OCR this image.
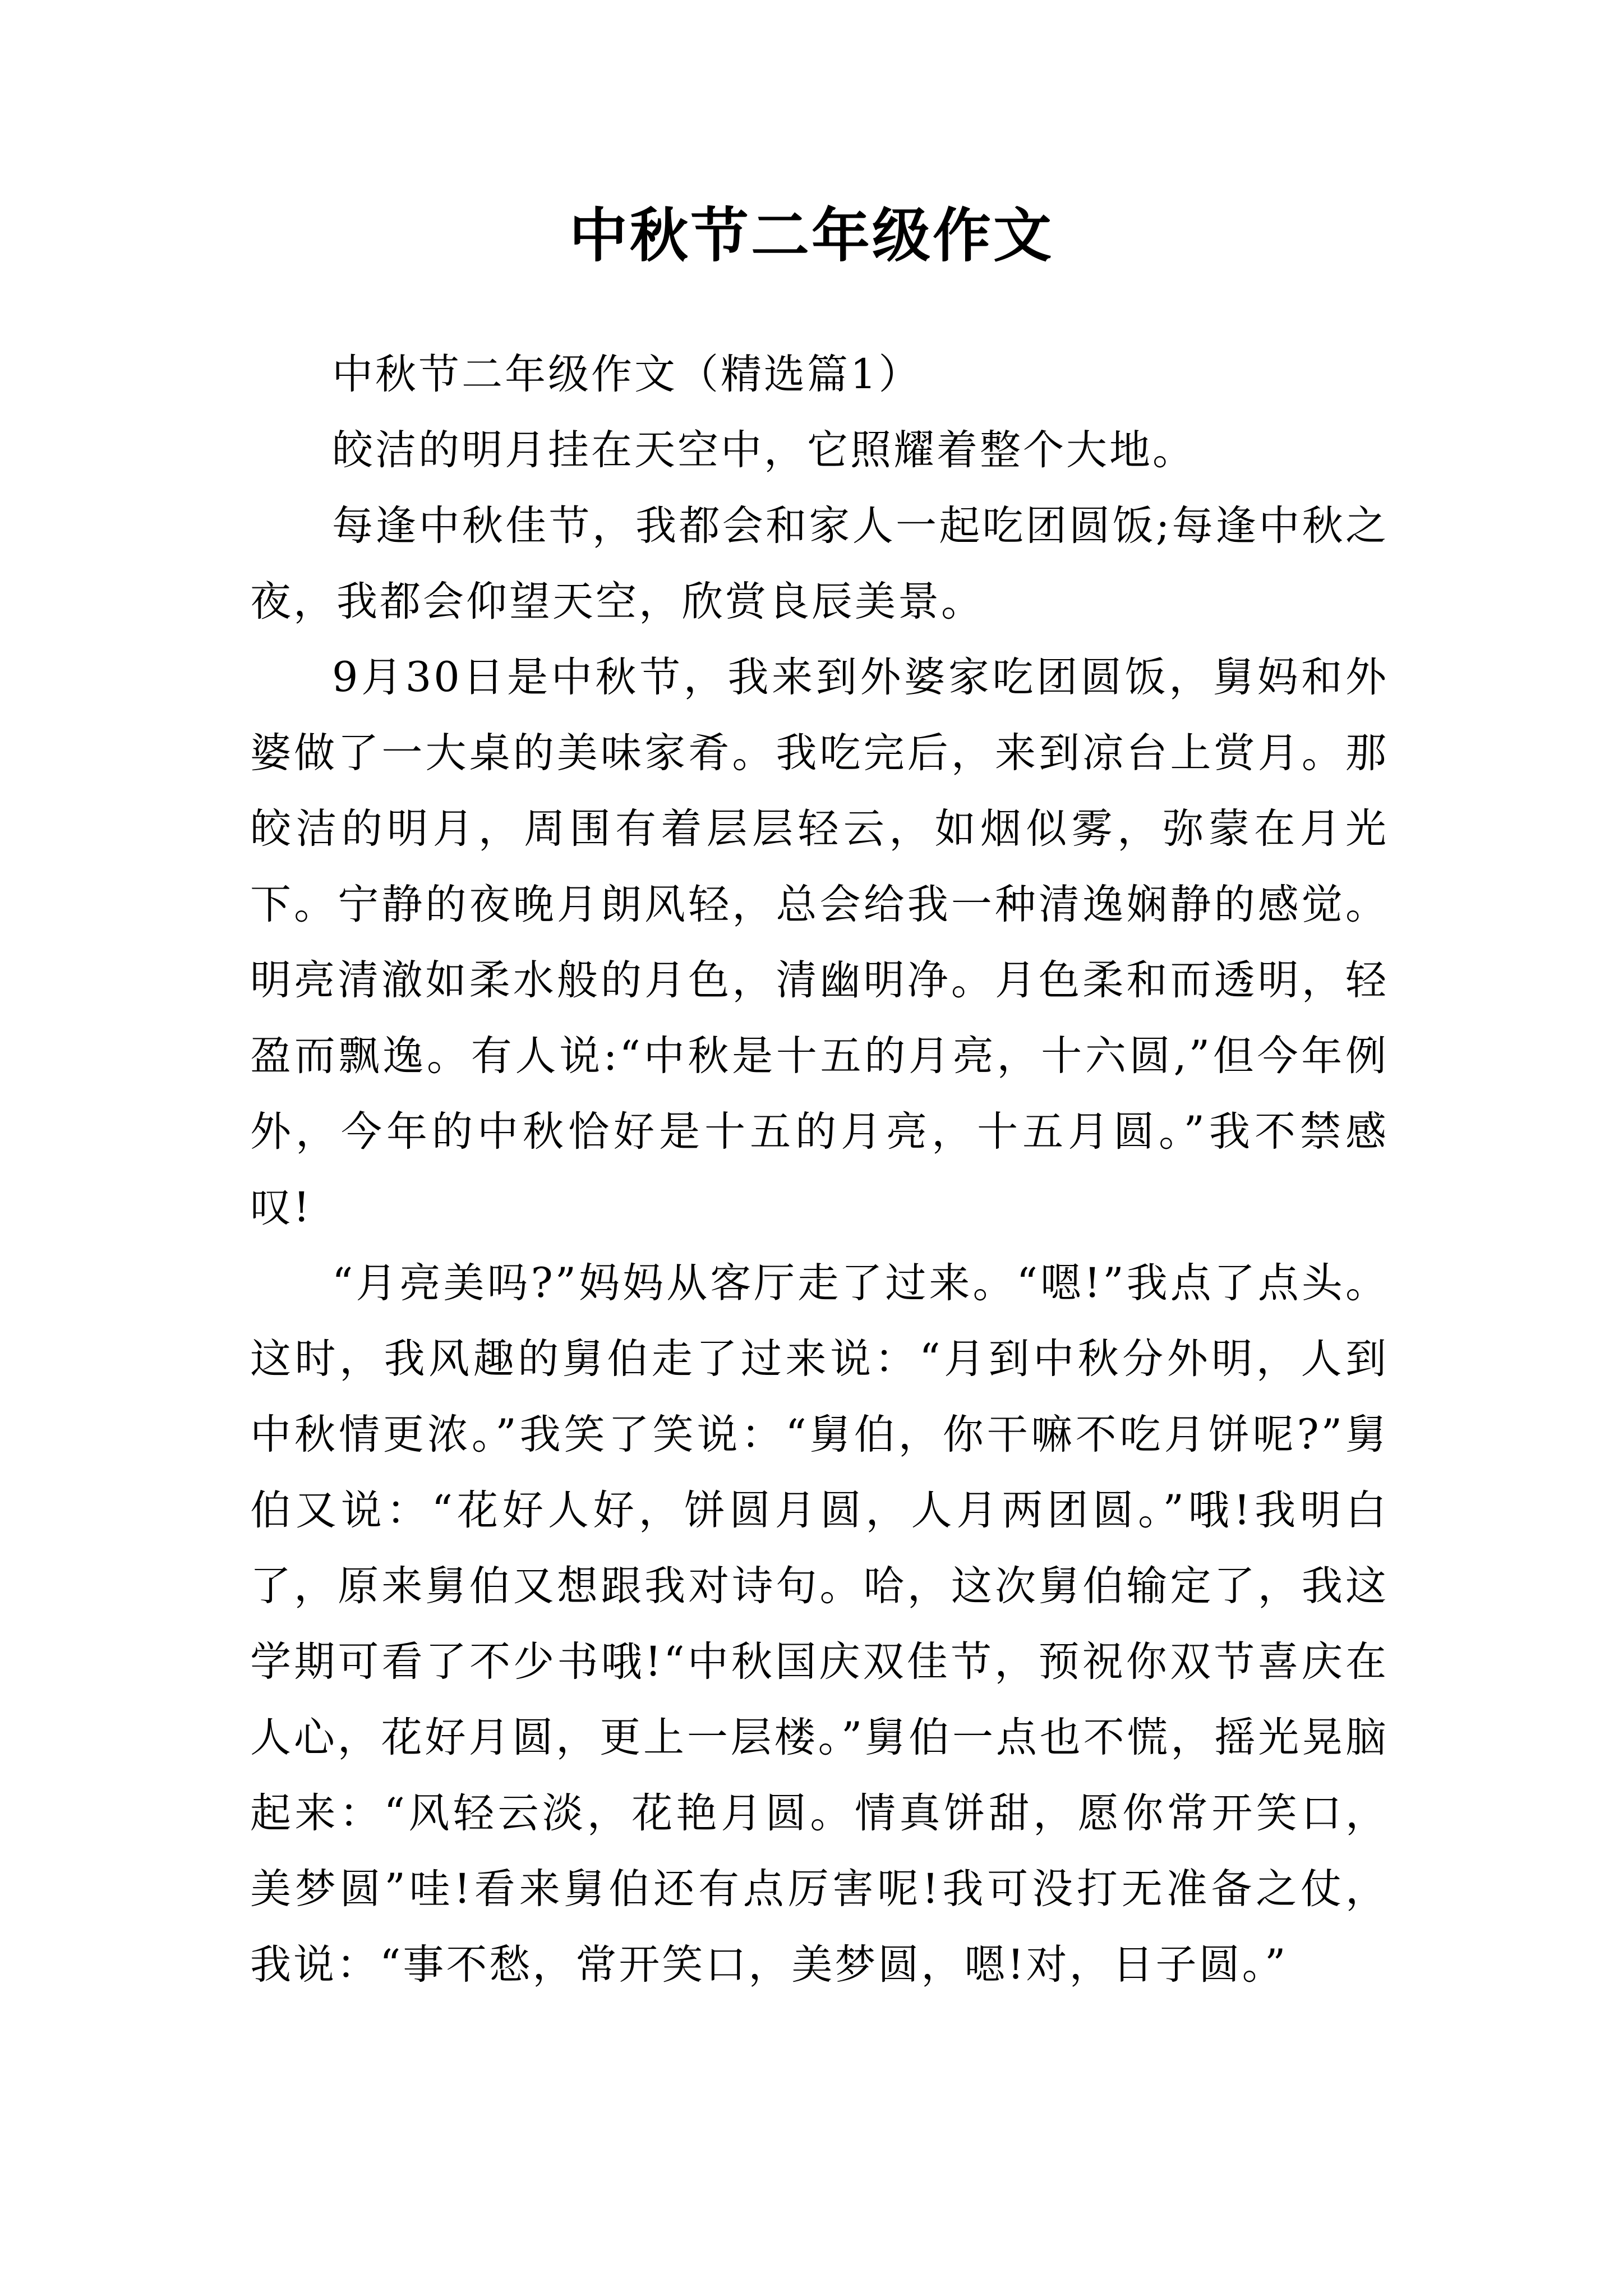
中秋节二年级作文

中秋节二年级作文（精选篇1）

皎洁的明月挂在天空中，它照耀着整个大地。

每逢中秋佳节，我都会和家人一起吃团圆饭;每逢中秋之夜，我都会仰望天空，欣赏良辰美景。

9月30日是中秋节，我来到外婆家吃团圆饭，舅妈和外婆做了一大桌的美味家肴。我吃完后，来到凉台上赏月。那皎洁的明月，周围有着层层轻云，如烟似雾，弥蒙在月光下。宁静的夜晚月朗风轻，总会给我一种清逸娴静的感觉。明亮清澈如柔水般的月色，清幽明净。月色柔和而透明，轻盈而飘逸。有人说:“中秋是十五的月亮，十六圆,”但今年例外，今年的中秋恰好是十五的月亮，十五月圆。”我不禁感叹!

“月亮美吗?”妈妈从客厅走了过来。“嗯!”我点了点头。这时，我风趣的舅伯走了过来说：“月到中秋分外明，人到中秋情更浓。”我笑了笑说：“舅伯，你干嘛不吃月饼呢?”舅伯又说：“花好人好，饼圆月圆，人月两团圆。”哦!我明白了，原来舅伯又想跟我对诗句。哈，这次舅伯输定了，我这学期可看了不少书哦!“中秋国庆双佳节，预祝你双节喜庆在人心，花好月圆，更上一层楼。”舅伯一点也不慌，摇光晃脑起来：“风轻云淡，花艳月圆。情真饼甜，愿你常开笑口，美梦圆”哇!看来舅伯还有点厉害呢!我可没打无准备之仗，我说：“事不愁，常开笑口，美梦圆，嗯!对，日子圆。”
